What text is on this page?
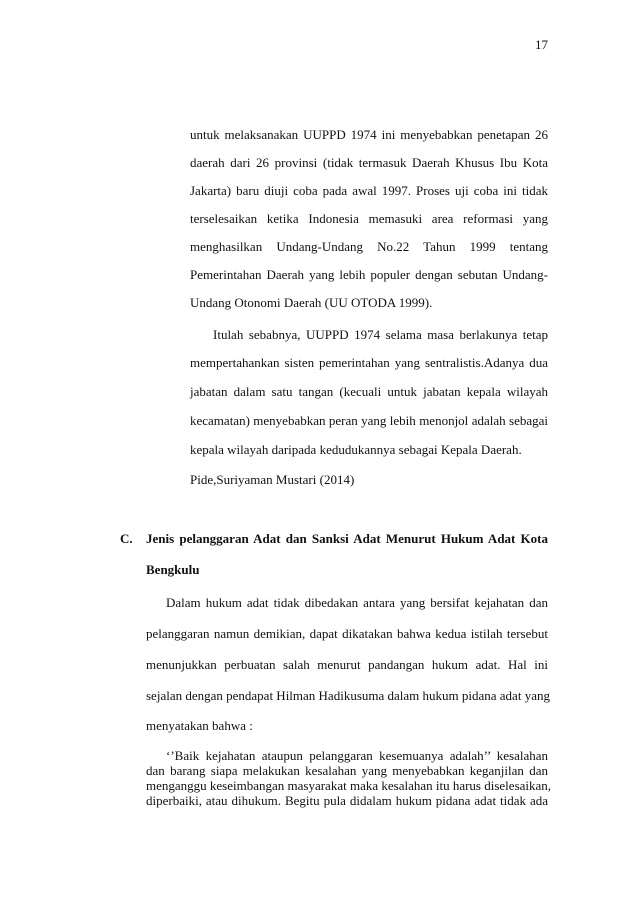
17
untuk melaksanakan UUPPD 1974 ini menyebabkan penetapan 26
daerah dari 26 provinsi (tidak termasuk Daerah Khusus Ibu Kota
Jakarta) baru diuji coba pada awal 1997. Proses uji coba ini tidak
terselesaikan ketika Indonesia memasuki area reformasi yang
menghasilkan Undang-Undang No.22 Tahun 1999 tentang
Pemerintahan Daerah yang lebih populer dengan sebutan Undang-
Undang Otonomi Daerah (UU OTODA 1999).
Itulah sebabnya, UUPPD 1974 selama masa berlakunya tetap
mempertahankan sisten pemerintahan yang sentralistis.Adanya dua
jabatan dalam satu tangan (kecuali untuk jabatan kepala wilayah
kecamatan) menyebabkan peran yang lebih menonjol adalah sebagai
kepala wilayah daripada kedudukannya sebagai Kepala Daerah.
Pide,Suriyaman Mustari (2014)
C. Jenis pelanggaran Adat dan Sanksi Adat Menurut Hukum Adat Kota
Bengkulu
Dalam hukum adat tidak dibedakan antara yang bersifat kejahatan dan
pelanggaran namun demikian, dapat dikatakan bahwa kedua istilah tersebut
menunjukkan perbuatan salah menurut pandangan hukum adat. Hal ini
sejalan dengan pendapat Hilman Hadikusuma dalam hukum pidana adat yang
menyatakan bahwa :
‘’Baik kejahatan ataupun pelanggaran kesemuanya adalah’’ kesalahan
dan barang siapa melakukan kesalahan yang menyebabkan keganjilan dan
menganggu keseimbangan masyarakat maka kesalahan itu harus diselesaikan,
diperbaiki, atau dihukum. Begitu pula didalam hukum pidana adat tidak ada
